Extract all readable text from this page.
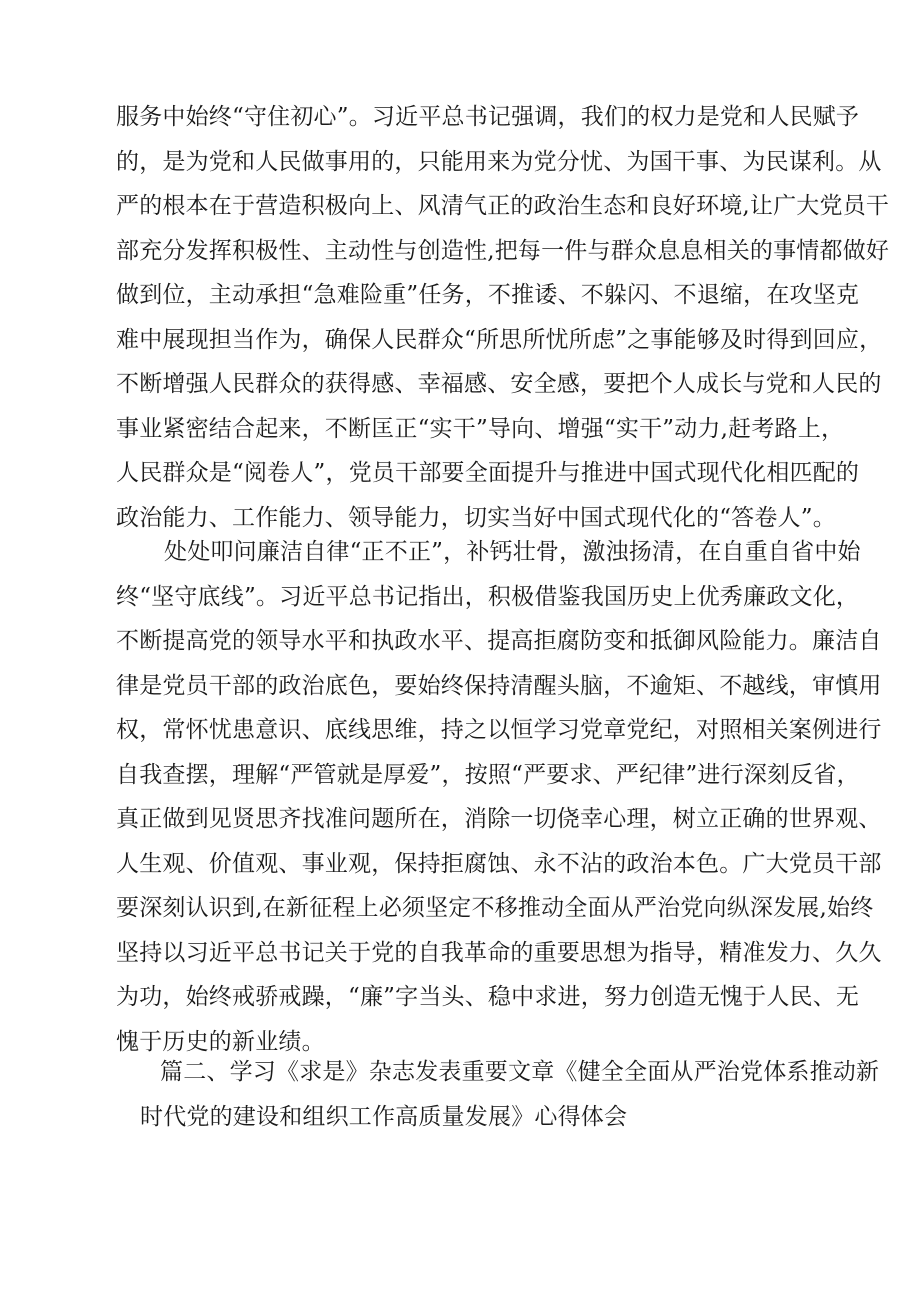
服务中始终“守住初心”。习近平总书记强调，我们的权力是党和人民赋予
的，是为党和人民做事用的，只能用来为党分忧、为国干事、为民谋利。从
严的根本在于营造积极向上、风清气正的政治生态和良好环境,让广大党员干
部充分发挥积极性、主动性与创造性,把每一件与群众息息相关的事情都做好
做到位，主动承担“急难险重”任务，不推诿、不躲闪、不退缩，在攻坚克
难中展现担当作为，确保人民群众“所思所忧所虑”之事能够及时得到回应，
不断增强人民群众的获得感、幸福感、安全感，要把个人成长与党和人民的
事业紧密结合起来，不断匡正“实干”导向、增强“实干”动力,赶考路上，
人民群众是“阅卷人”，党员干部要全面提升与推进中国式现代化相匹配的
政治能力、工作能力、领导能力，切实当好中国式现代化的“答卷人”。
处处叩问廉洁自律“正不正”，补钙壮骨，激浊扬清，在自重自省中始
终“坚守底线”。习近平总书记指出，积极借鉴我国历史上优秀廉政文化，
不断提高党的领导水平和执政水平、提高拒腐防变和抵御风险能力。廉洁自
律是党员干部的政治底色，要始终保持清醒头脑，不逾矩、不越线，审慎用
权，常怀忧患意识、底线思维，持之以恒学习党章党纪，对照相关案例进行
自我查摆，理解“严管就是厚爱”，按照“严要求、严纪律”进行深刻反省，
真正做到见贤思齐找准问题所在，消除一切侥幸心理，树立正确的世界观、
人生观、价值观、事业观，保持拒腐蚀、永不沾的政治本色。广大党员干部
要深刻认识到,在新征程上必须坚定不移推动全面从严治党向纵深发展,始终
坚持以习近平总书记关于党的自我革命的重要思想为指导，精准发力、久久
为功，始终戒骄戒躁，“廉”字当头、稳中求进，努力创造无愧于人民、无
愧于历史的新业绩。
篇二、学习《求是》杂志发表重要文章《健全全面从严治党体系推动新
时代党的建设和组织工作高质量发展》心得体会
